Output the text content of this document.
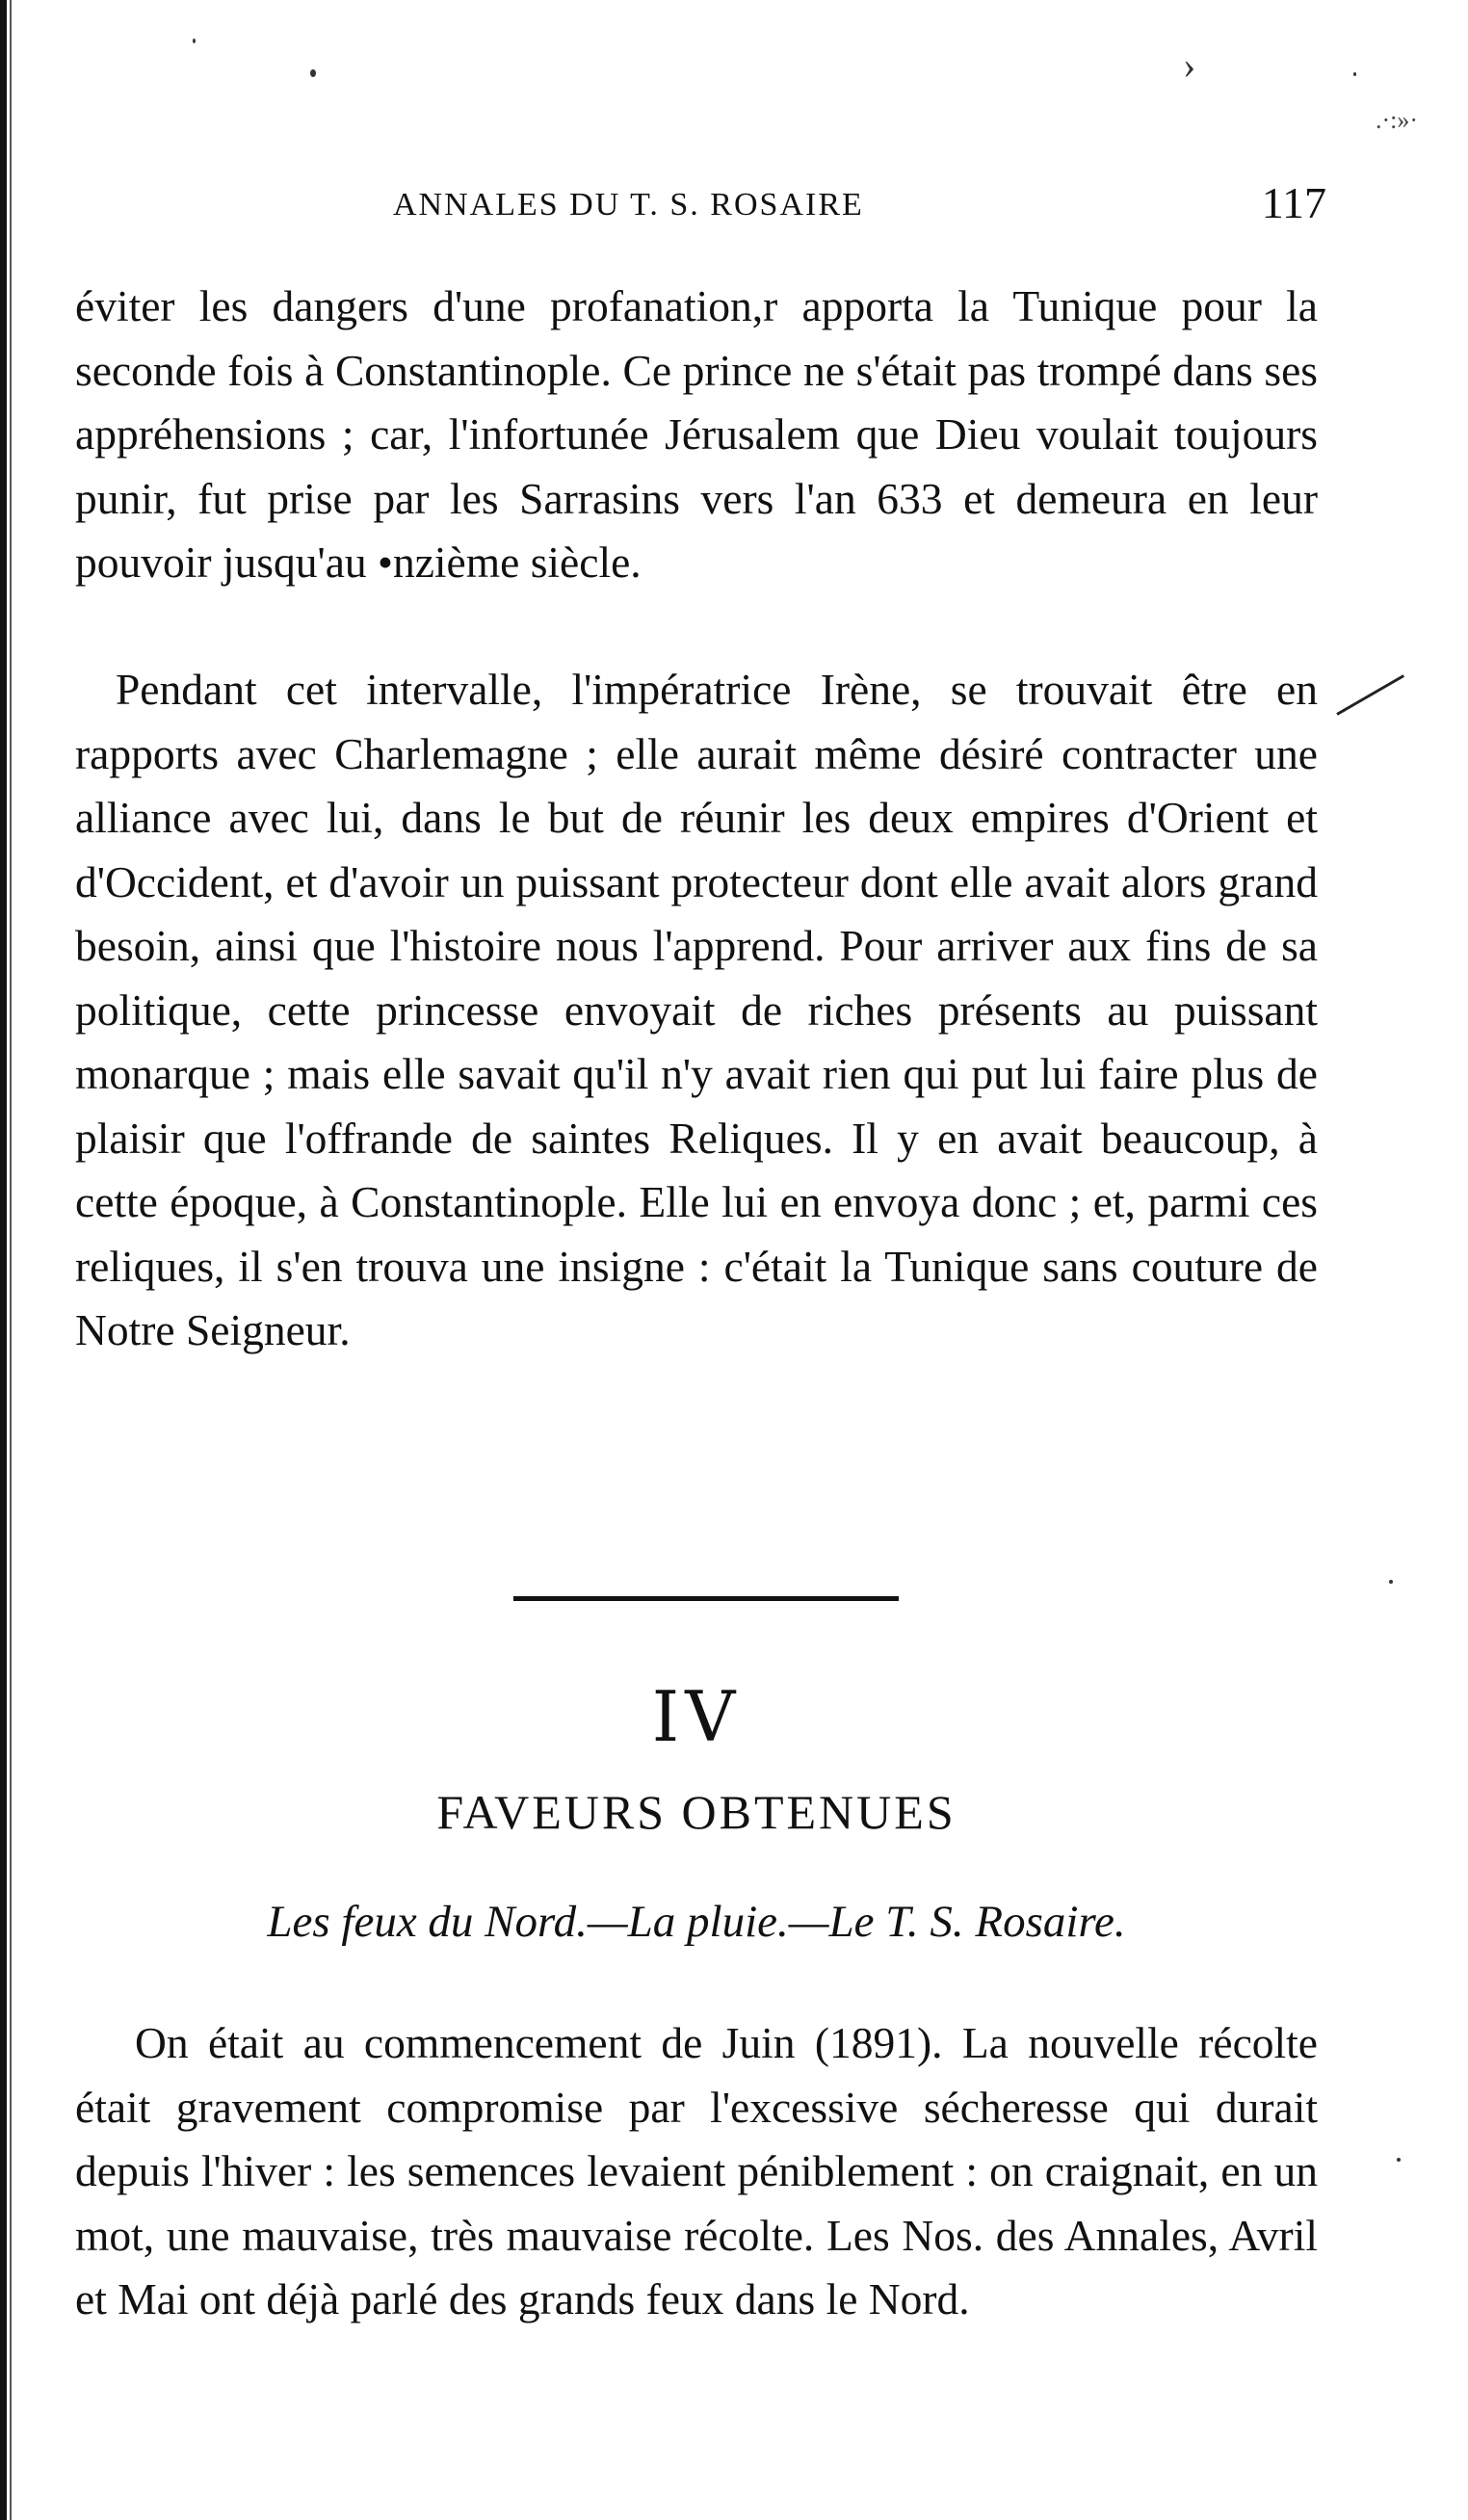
›
.·:»·
ANNALES DU T. S. ROSAIRE	117

éviter les dangers d'une profanation,r apporta la Tunique pour la seconde fois à Constantinople. Ce prince ne s'était pas trompé dans ses appréhensions ; car, l'infortunée Jérusalem que Dieu voulait toujours punir, fut prise par les Sarrasins vers l'an 633 et demeura en leur pouvoir jusqu'au •nzième siècle.

Pendant cet intervalle, l'impératrice Irène, se trouvait être en rapports avec Charlemagne ; elle aurait même désiré contracter une alliance avec lui, dans le but de réunir les deux empires d'Orient et d'Occident, et d'avoir un puissant protecteur dont elle avait alors grand besoin, ainsi que l'histoire nous l'apprend. Pour arriver aux fins de sa politique, cette princesse envoyait de riches présents au puissant monarque ; mais elle savait qu'il n'y avait rien qui put lui faire plus de plaisir que l'offrande de saintes Reliques. Il y en avait beaucoup, à cette époque, à Constantinople. Elle lui en envoya donc ; et, parmi ces reliques, il s'en trouva une insigne : c'était la Tunique sans couture de Notre Seigneur.

IV
FAVEURS OBTENUES
Les feux du Nord.—La pluie.—Le T. S. Rosaire.

On était au commencement de Juin (1891). La nouvelle récolte était gravement compromise par l'excessive sécheresse qui durait depuis l'hiver : les semences levaient péniblement : on craignait, en un mot, une mauvaise, très mauvaise récolte. Les Nos. des Annales, Avril et Mai ont déjà parlé des grands feux dans le Nord.
